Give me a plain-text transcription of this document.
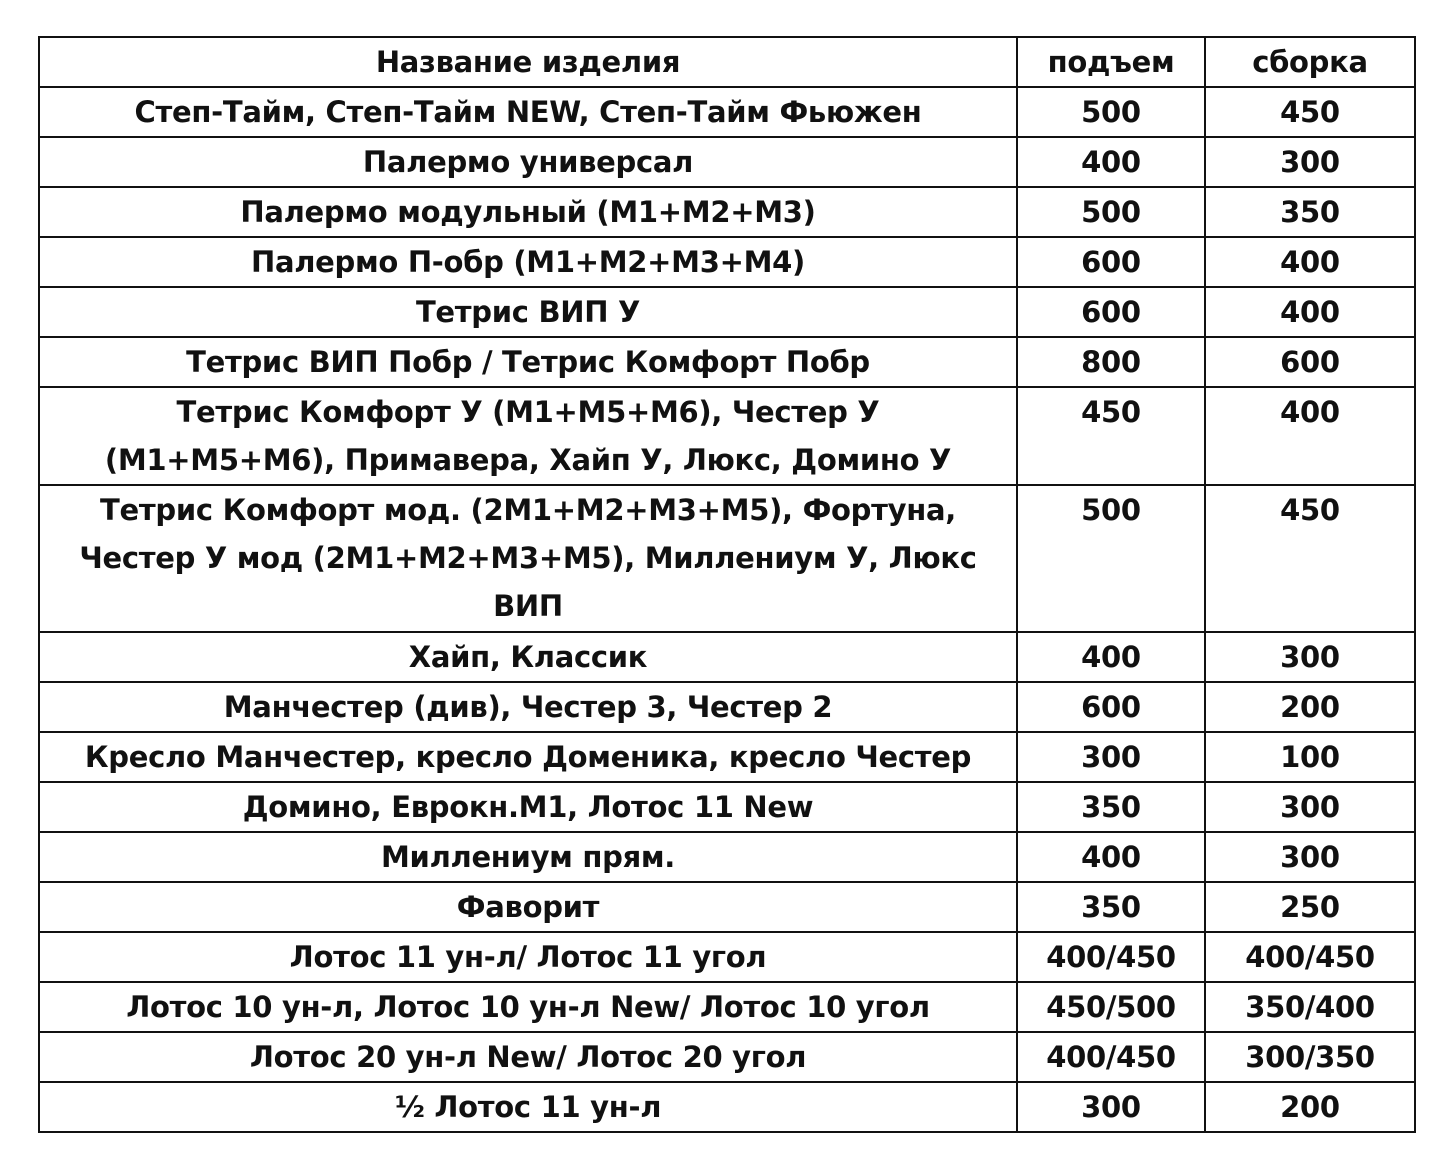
Название изделия	подъем	сборка
Степ-Тайм, Степ-Тайм NEW, Степ-Тайм Фьюжен	500	450
Палермо универсал	400	300
Палермо модульный (М1+М2+М3)	500	350
Палермо П-обр (М1+М2+М3+М4)	600	400
Тетрис ВИП У	600	400
Тетрис ВИП Побр / Тетрис Комфорт Побр	800	600
Тетрис Комфорт У (М1+М5+М6), Честер У (М1+М5+М6), Примавера, Хайп У, Люкс, Домино У	450	400
Тетрис Комфорт мод. (2М1+М2+М3+М5), Фортуна, Честер У мод (2М1+М2+М3+М5), Миллениум У, Люкс ВИП	500	450
Хайп, Классик	400	300
Манчестер (див), Честер 3, Честер 2	600	200
Кресло Манчестер, кресло Доменика, кресло Честер	300	100
Домино, Еврокн.М1, Лотос 11 New	350	300
Миллениум прям.	400	300
Фаворит	350	250
Лотос 11 ун-л/ Лотос 11 угол	400/450	400/450
Лотос 10 ун-л, Лотос 10 ун-л New/ Лотос 10 угол	450/500	350/400
Лотос 20 ун-л New/ Лотос 20 угол	400/450	300/350
½ Лотос 11 ун-л	300	200
